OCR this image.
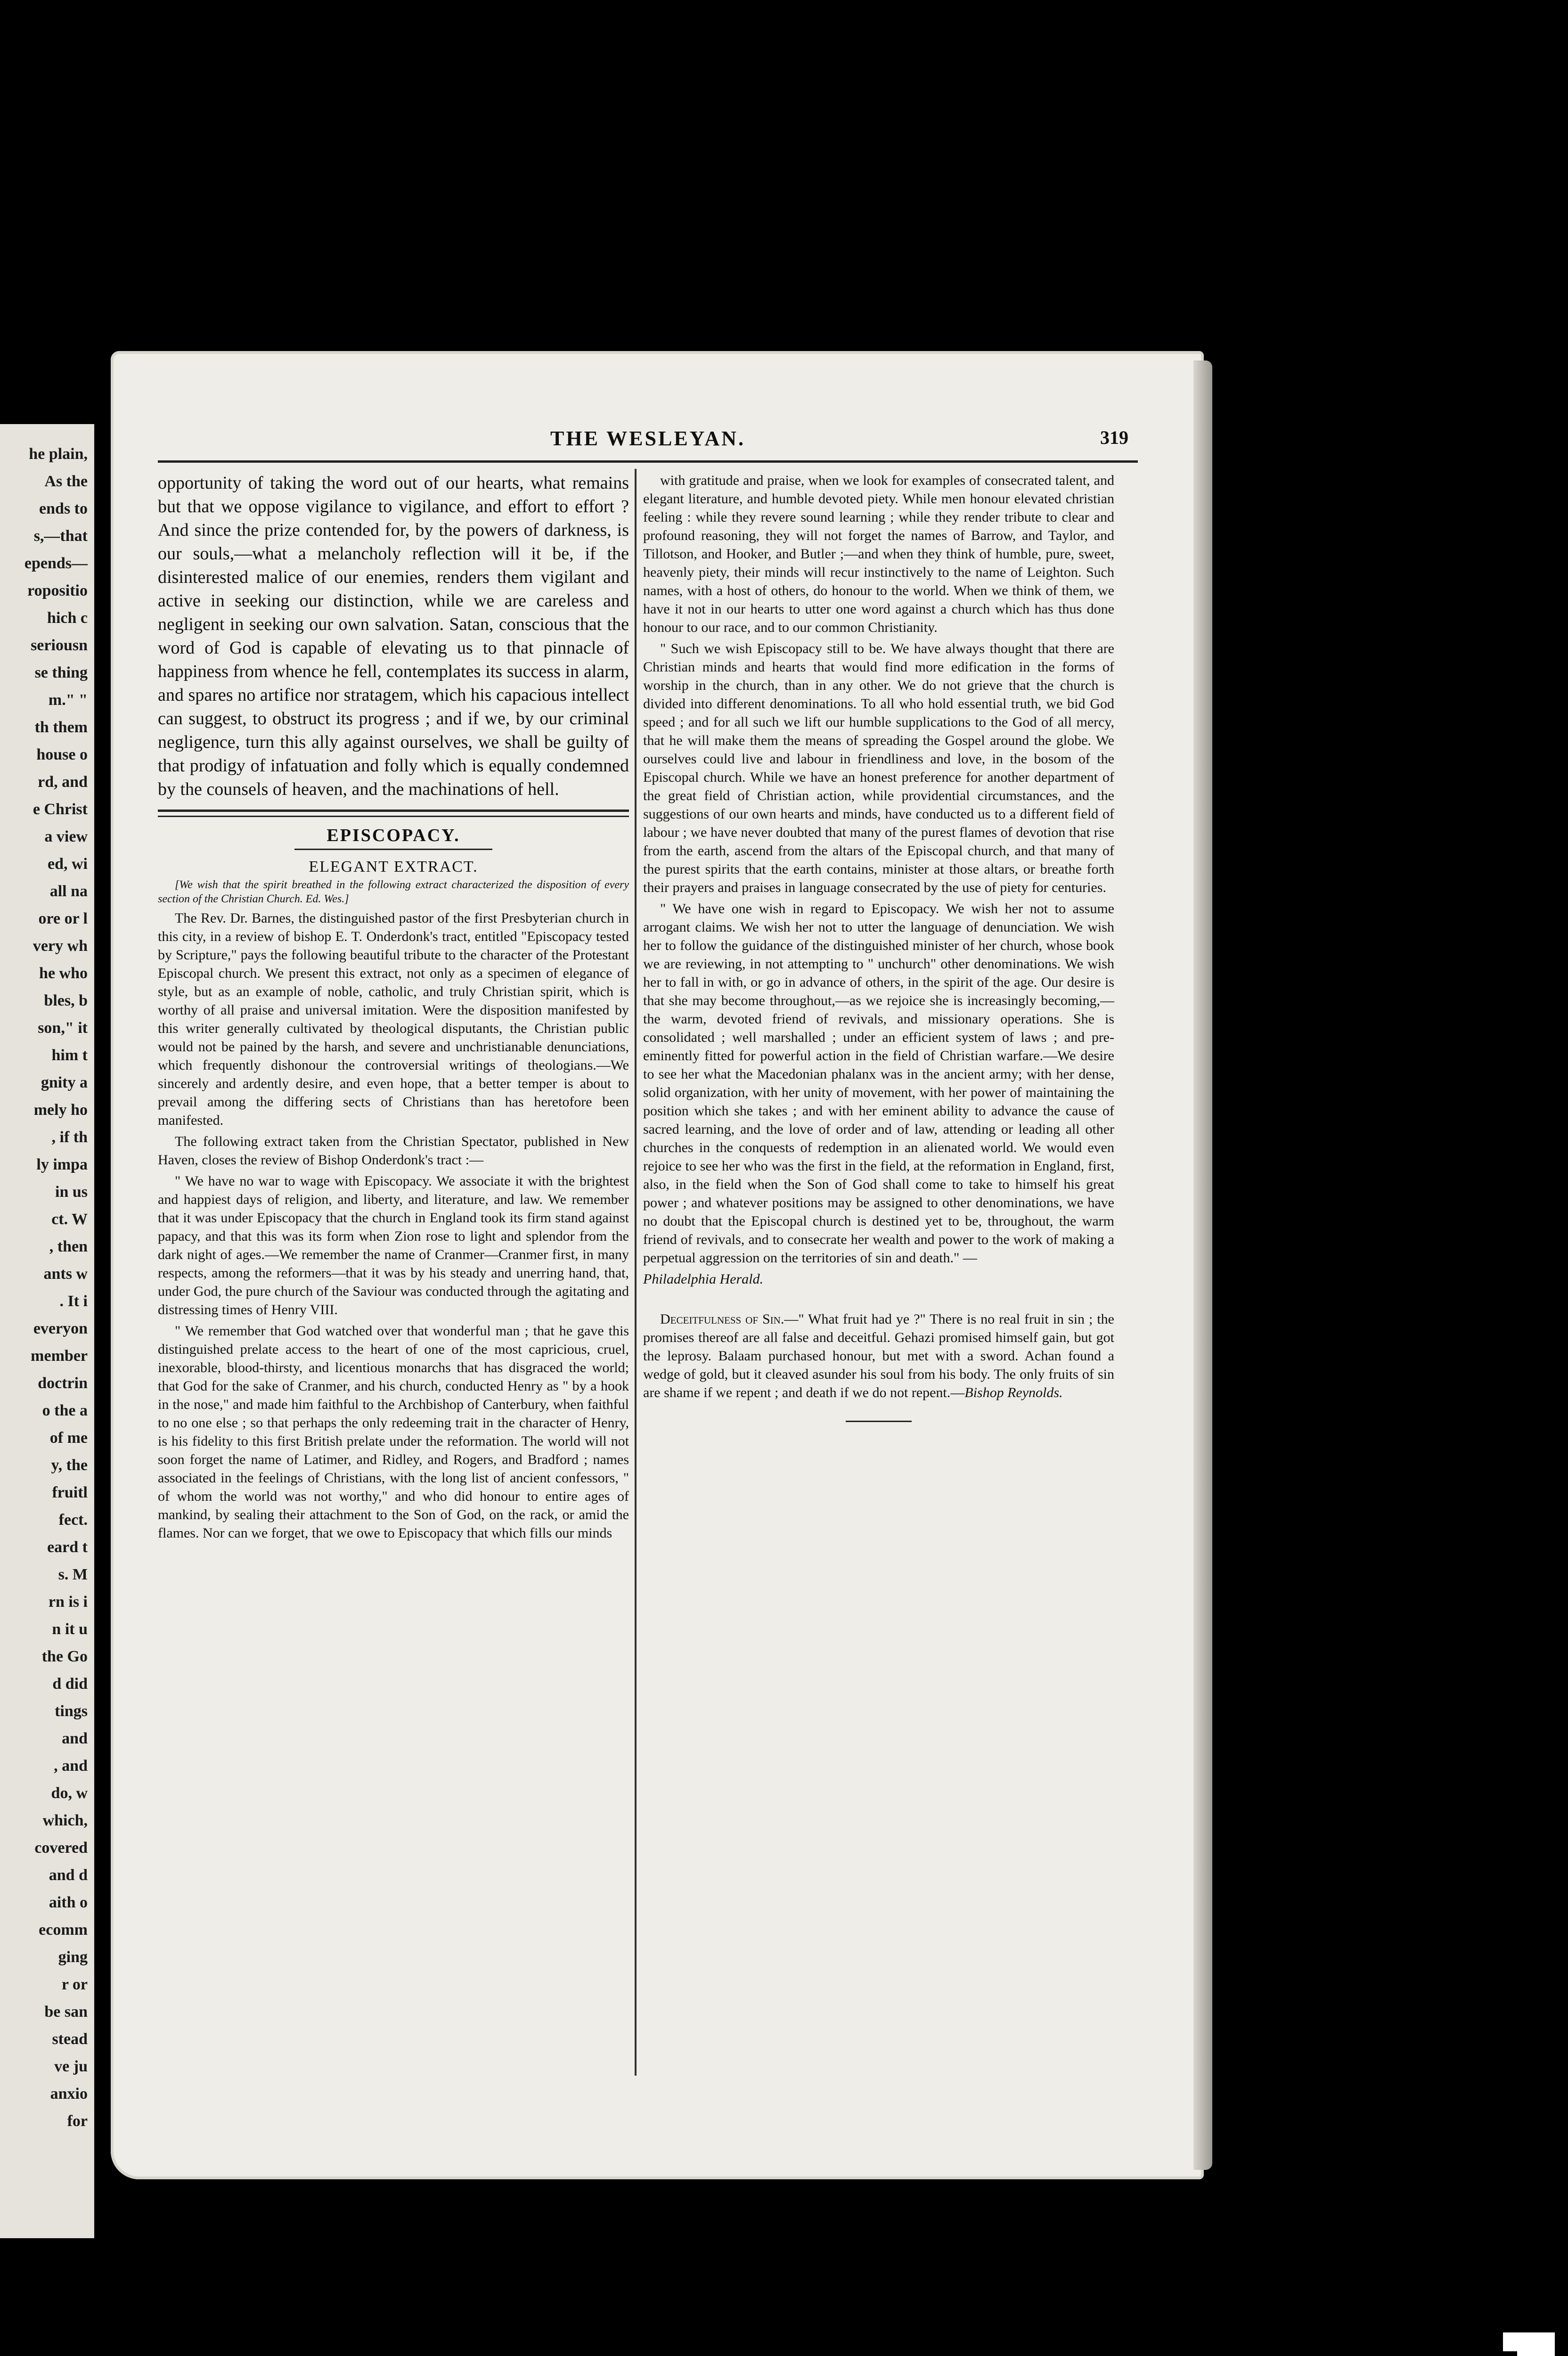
he plain,
As the
ends to
s,—that
epends—
ropositio
hich c
seriousn
se thing
m." "
th them
house o
rd, and
e Christ
a view
ed, wi
all na
ore or l
very wh
he who
bles, b
son," it
him t
gnity a
mely ho
, if th
ly impa
in us
ct. W
, then
ants w
. It i
everyon
member
doctrin
o the a
of me
y, the
fruitl
fect.
eard t
s. M
rn is i
n it u
the Go
d did
tings
and
, and
do, w
which,
covered
and d
aith o
ecomm
ging
r or
be san
stead
ve ju
anxio
for
THE WESLEYAN.	319

opportunity of taking the word out of our hearts, what remains but that we oppose vigilance to vigilance, and effort to effort ? And since the prize contended for, by the powers of darkness, is our souls,—what a melancholy reflection will it be, if the disinterested malice of our enemies, renders them vigilant and active in seeking our distinction, while we are careless and negligent in seeking our own salvation. Satan, conscious that the word of God is capable of elevating us to that pinnacle of happiness from whence he fell, contemplates its success in alarm, and spares no artifice nor stratagem, which his capacious intellect can suggest, to obstruct its progress ; and if we, by our criminal negligence, turn this ally against ourselves, we shall be guilty of that prodigy of infatuation and folly which is equally condemned by the counsels of heaven, and the machinations of hell.

EPISCOPACY.
ELEGANT EXTRACT.

[We wish that the spirit breathed in the following extract characterized the disposition of every section of the Christian Church. Ed. Wes.]

The Rev. Dr. Barnes, the distinguished pastor of the first Presbyterian church in this city, in a review of bishop E. T. Onderdonk's tract, entitled "Episcopacy tested by Scripture," pays the following beautiful tribute to the character of the Protestant Episcopal church. We present this extract, not only as a specimen of elegance of style, but as an example of noble, catholic, and truly Christian spirit, which is worthy of all praise and universal imitation. Were the disposition manifested by this writer generally cultivated by theological disputants, the Christian public would not be pained by the harsh, and severe and unchristianable denunciations, which frequently dishonour the controversial writings of theologians.—We sincerely and ardently desire, and even hope, that a better temper is about to prevail among the differing sects of Christians than has heretofore been manifested.

The following extract taken from the Christian Spectator, published in New Haven, closes the review of Bishop Onderdonk's tract :—

" We have no war to wage with Episcopacy. We associate it with the brightest and happiest days of religion, and liberty, and literature, and law. We remember that it was under Episcopacy that the church in England took its firm stand against papacy, and that this was its form when Zion rose to light and splendor from the dark night of ages.—We remember the name of Cranmer—Cranmer first, in many respects, among the reformers—that it was by his steady and unerring hand, that, under God, the pure church of the Saviour was conducted through the agitating and distressing times of Henry VIII.

" We remember that God watched over that wonderful man ; that he gave this distinguished prelate access to the heart of one of the most capricious, cruel, inexorable, blood-thirsty, and licentious monarchs that has disgraced the world; that God for the sake of Cranmer, and his church, conducted Henry as " by a hook in the nose," and made him faithful to the Archbishop of Canterbury, when faithful to no one else ; so that perhaps the only redeeming trait in the character of Henry, is his fidelity to this first British prelate under the reformation. The world will not soon forget the name of Latimer, and Ridley, and Rogers, and Bradford ; names associated in the feelings of Christians, with the long list of ancient confessors, " of whom the world was not worthy," and who did honour to entire ages of mankind, by sealing their attachment to the Son of God, on the rack, or amid the flames. Nor can we forget, that we owe to Episcopacy that which fills our minds

with gratitude and praise, when we look for examples of consecrated talent, and elegant literature, and humble devoted piety. While men honour elevated christian feeling : while they revere sound learning ; while they render tribute to clear and profound reasoning, they will not forget the names of Barrow, and Taylor, and Tillotson, and Hooker, and Butler ;—and when they think of humble, pure, sweet, heavenly piety, their minds will recur instinctively to the name of Leighton. Such names, with a host of others, do honour to the world. When we think of them, we have it not in our hearts to utter one word against a church which has thus done honour to our race, and to our common Christianity.

" Such we wish Episcopacy still to be. We have always thought that there are Christian minds and hearts that would find more edification in the forms of worship in the church, than in any other. We do not grieve that the church is divided into different denominations. To all who hold essential truth, we bid God speed ; and for all such we lift our humble supplications to the God of all mercy, that he will make them the means of spreading the Gospel around the globe. We ourselves could live and labour in friendliness and love, in the bosom of the Episcopal church. While we have an honest preference for another department of the great field of Christian action, while providential circumstances, and the suggestions of our own hearts and minds, have conducted us to a different field of labour ; we have never doubted that many of the purest flames of devotion that rise from the earth, ascend from the altars of the Episcopal church, and that many of the purest spirits that the earth contains, minister at those altars, or breathe forth their prayers and praises in language consecrated by the use of piety for centuries.

" We have one wish in regard to Episcopacy. We wish her not to assume arrogant claims. We wish her not to utter the language of denunciation. We wish her to follow the guidance of the distinguished minister of her church, whose book we are reviewing, in not attempting to " unchurch" other denominations. We wish her to fall in with, or go in advance of others, in the spirit of the age. Our desire is that she may become throughout,—as we rejoice she is increasingly becoming,—the warm, devoted friend of revivals, and missionary operations. She is consolidated ; well marshalled ; under an efficient system of laws ; and pre-eminently fitted for powerful action in the field of Christian warfare.—We desire to see her what the Macedonian phalanx was in the ancient army; with her dense, solid organization, with her unity of movement, with her power of maintaining the position which she takes ; and with her eminent ability to advance the cause of sacred learning, and the love of order and of law, attending or leading all other churches in the conquests of redemption in an alienated world. We would even rejoice to see her who was the first in the field, at the reformation in England, first, also, in the field when the Son of God shall come to take to himself his great power ; and whatever positions may be assigned to other denominations, we have no doubt that the Episcopal church is destined yet to be, throughout, the warm friend of revivals, and to consecrate her wealth and power to the work of making a perpetual aggression on the territories of sin and death." —

Philadelphia Herald.

Deceitfulness of Sin.—" What fruit had ye ?" There is no real fruit in sin ; the promises thereof are all false and deceitful. Gehazi promised himself gain, but got the leprosy. Balaam purchased honour, but met with a sword. Achan found a wedge of gold, but it cleaved asunder his soul from his body. The only fruits of sin are shame if we repent ; and death if we do not repent.—Bishop Reynolds.
